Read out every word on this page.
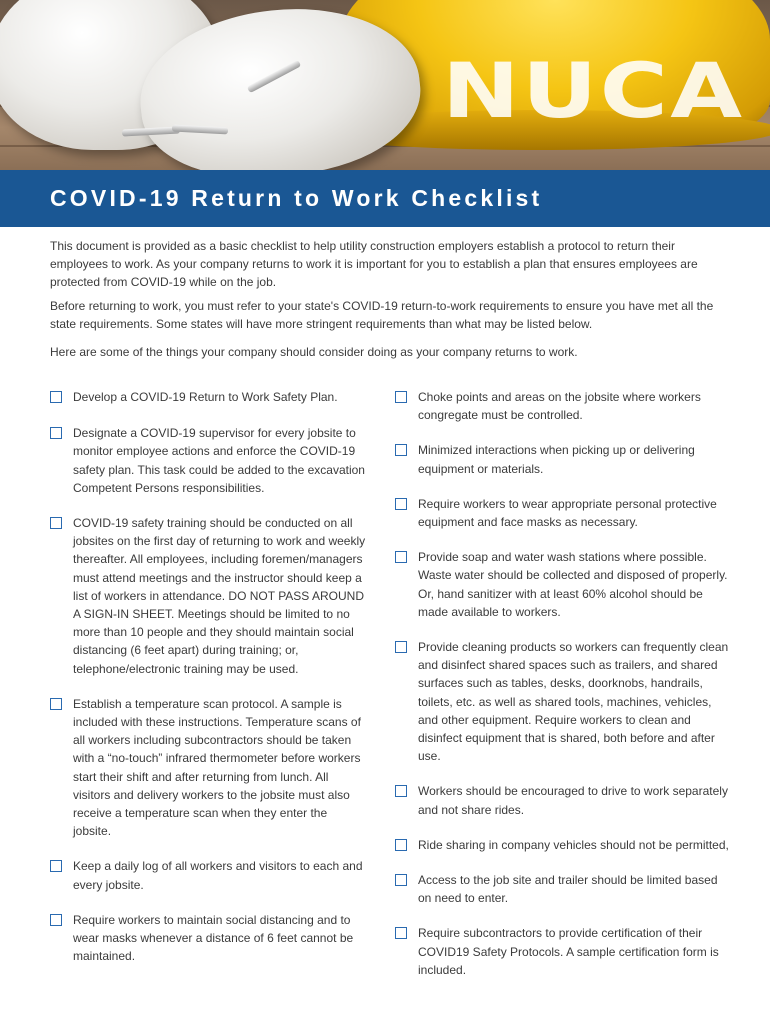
NUCA
COVID-19 Return to Work Checklist

This document is provided as a basic checklist to help utility construction employers establish a protocol to return their employees to work. As your company returns to work it is important for you to establish a plan that ensures employees are protected from COVID-19 while on the job.

Before returning to work, you must refer to your state's COVID-19 return-to-work requirements to ensure you have met all the state requirements. Some states will have more stringent requirements than what may be listed below.

Here are some of the things your company should consider doing as your company returns to work.

Develop a COVID-19 Return to Work Safety Plan.
Designate a COVID-19 supervisor for every jobsite to monitor employee actions and enforce the COVID-19 safety plan. This task could be added to the excavation Competent Persons responsibilities.
COVID-19 safety training should be conducted on all jobsites on the first day of returning to work and weekly thereafter. All employees, including foremen/managers must attend meetings and the instructor should keep a list of workers in attendance. DO NOT PASS AROUND A SIGN-IN SHEET. Meetings should be limited to no more than 10 people and they should maintain social distancing (6 feet apart) during training; or, telephone/electronic training may be used.
Establish a temperature scan protocol. A sample is included with these instructions. Temperature scans of all workers including subcontractors should be taken with a “no-touch” infrared thermometer before workers start their shift and after returning from lunch. All visitors and delivery workers to the jobsite must also receive a temperature scan when they enter the jobsite.
Keep a daily log of all workers and visitors to each and every jobsite.
Require workers to maintain social distancing and to wear masks whenever a distance of 6 feet cannot be maintained.
Choke points and areas on the jobsite where workers congregate must be controlled.
Minimized interactions when picking up or delivering equipment or materials.
Require workers to wear appropriate personal protective equipment and face masks as necessary.
Provide soap and water wash stations where possible. Waste water should be collected and disposed of properly. Or, hand sanitizer with at least 60% alcohol should be made available to workers.
Provide cleaning products so workers can frequently clean and disinfect shared spaces such as trailers, and shared surfaces such as tables, desks, doorknobs, handrails, toilets, etc. as well as shared tools, machines, vehicles, and other equipment. Require workers to clean and disinfect equipment that is shared, both before and after use.
Workers should be encouraged to drive to work separately and not share rides.
Ride sharing in company vehicles should not be permitted,
Access to the job site and trailer should be limited based on need to enter.
Require subcontractors to provide certification of their COVID19 Safety Protocols. A sample certification form is included.
